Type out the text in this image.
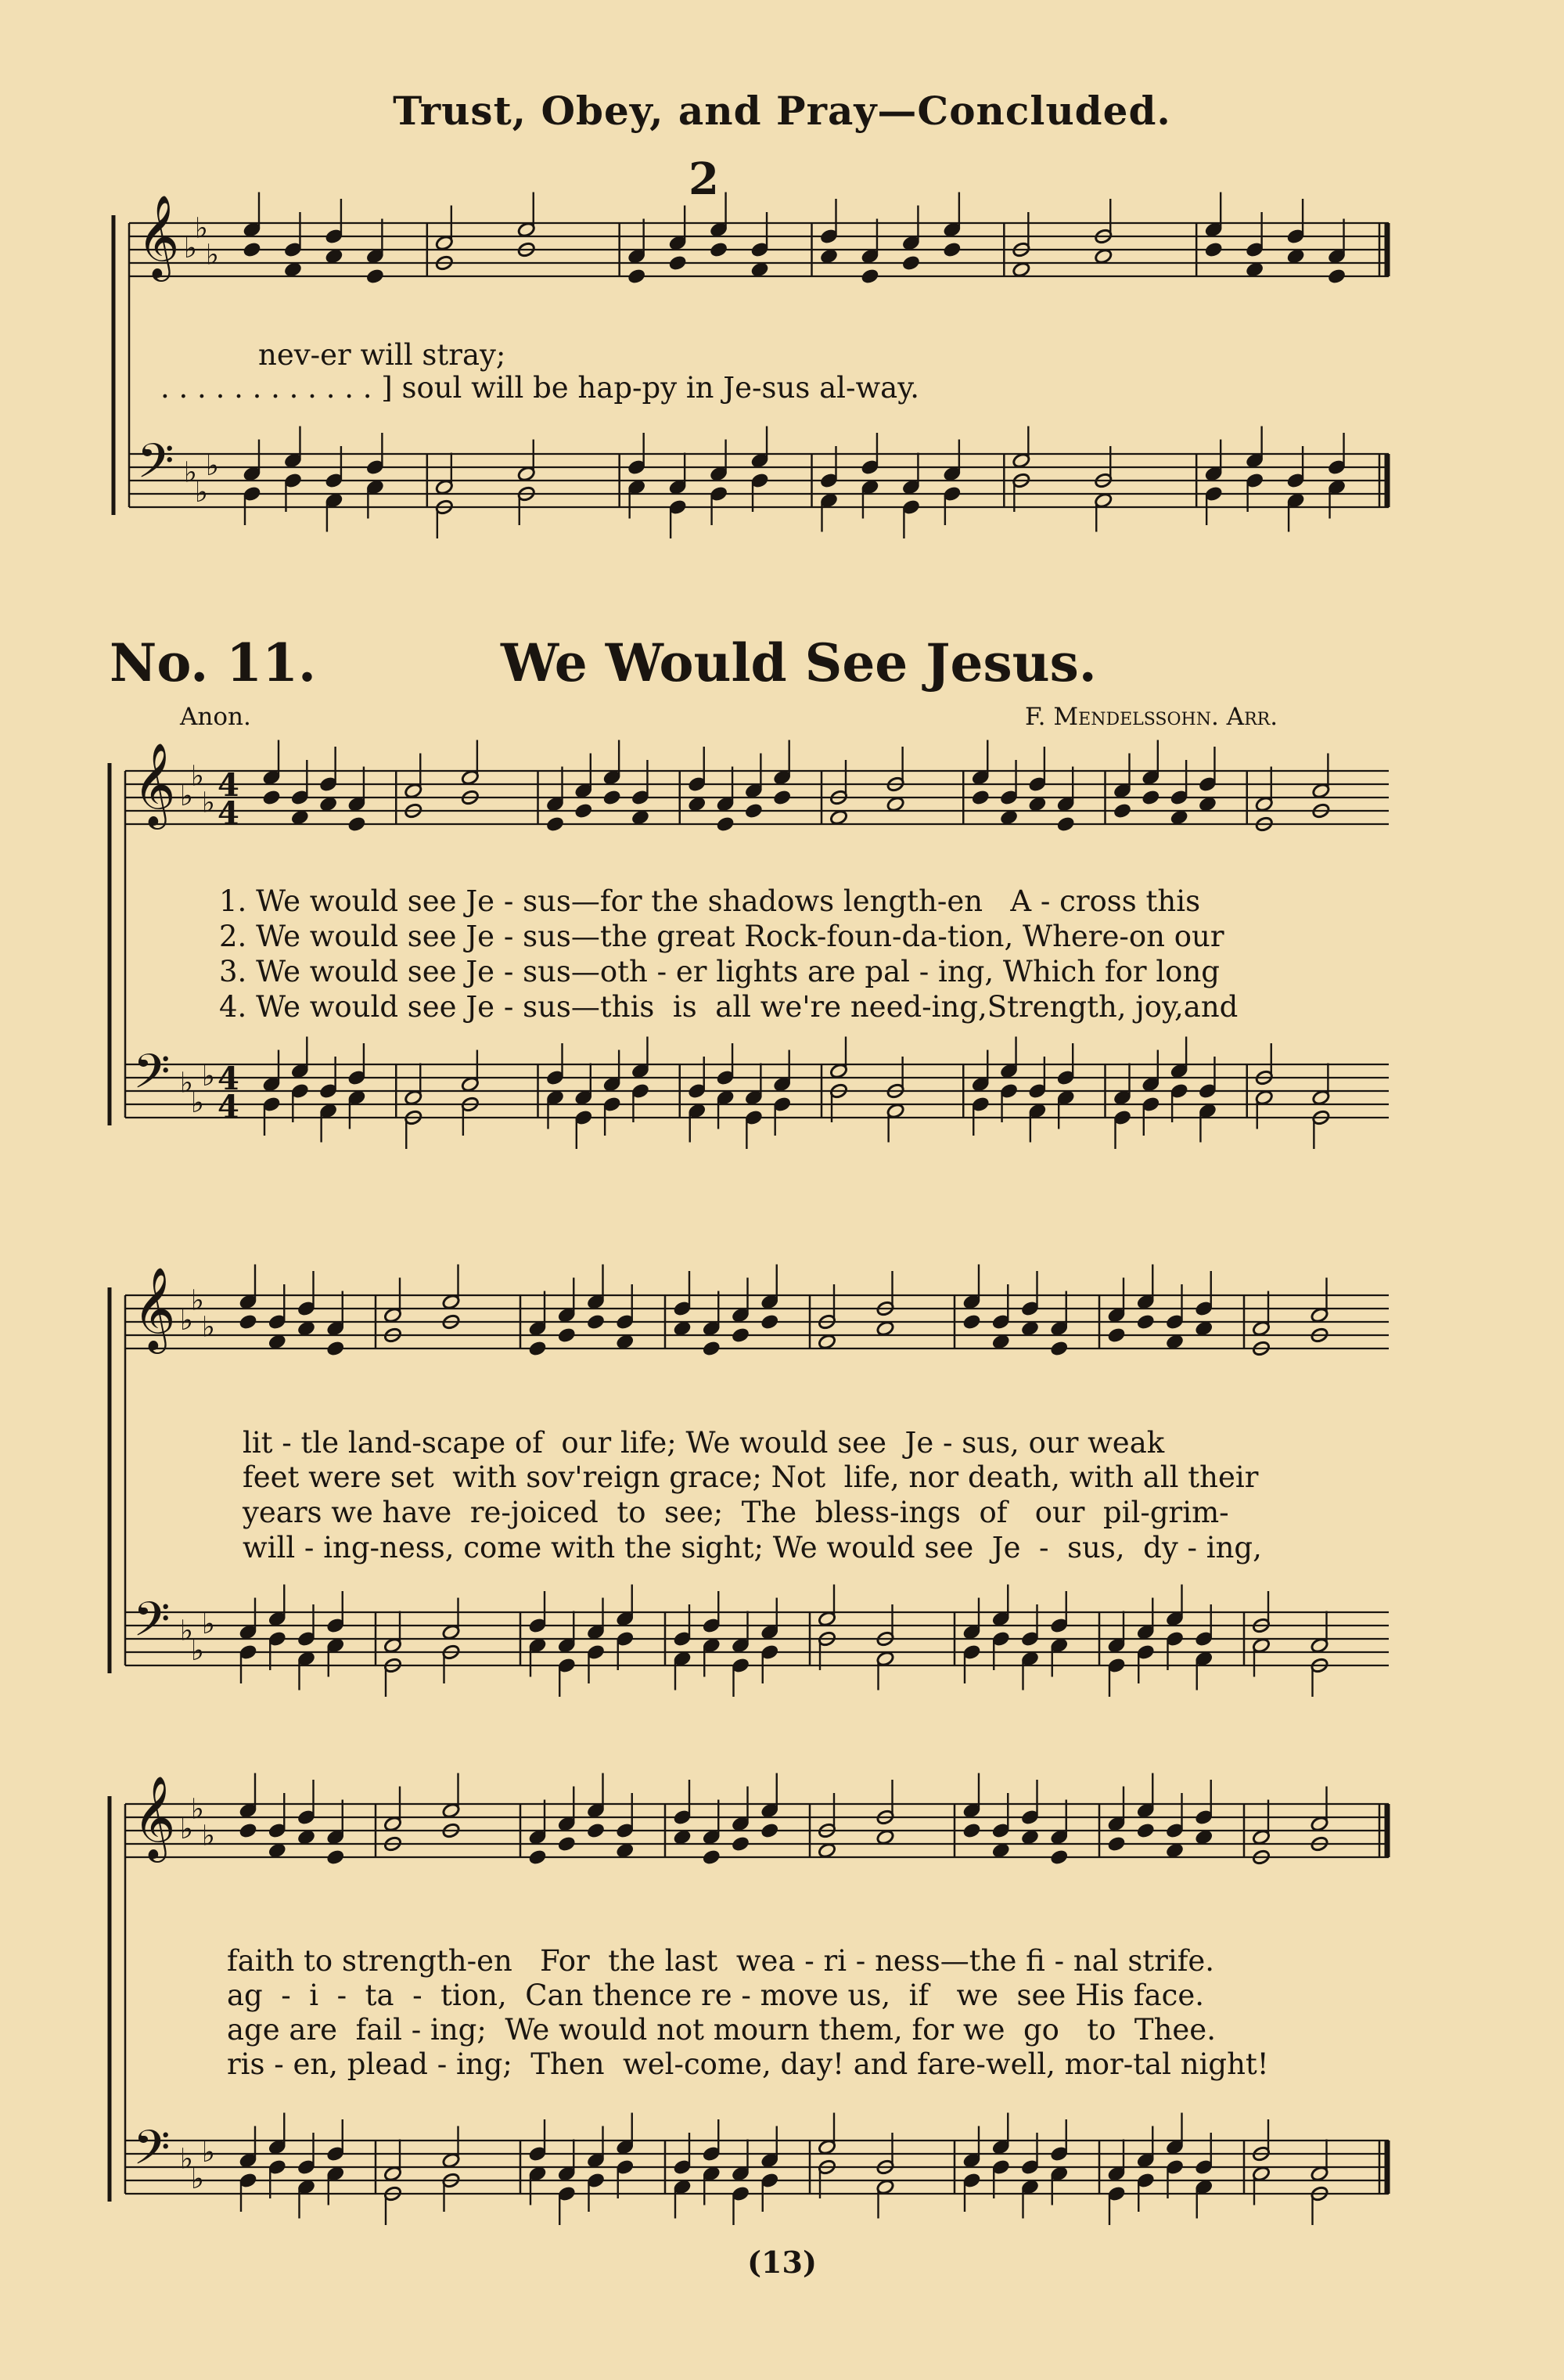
Trust, Obey, and Pray—Concluded.
𝄞
𝄢
♭
♭
♭
♭
♭
♭
𝄞
𝄢
♭
♭
♭
♭
♭
♭
4
4
4
4
𝄞
𝄢
♭
♭
♭
♭
♭
♭
𝄞
𝄢
♭
♭
♭
♭
♭
♭
2
nev-er will stray;
. . . . . . . . . . . . ] soul will be hap-py in Je-sus al-way.
No. 11.	We Would See Jesus.
Anon.	F. Mendelssohn. Arr.
1. We would see Je - sus—for the shadows length-en   A - cross this
2. We would see Je - sus—the great Rock-foun-da-tion, Where-on our
3. We would see Je - sus—oth - er lights are pal - ing, Which for long
4. We would see Je - sus—this  is  all we're need-ing,Strength, joy,and
lit - tle land-scape of  our life; We would see  Je - sus, our weak
feet were set  with sov'reign grace; Not  life, nor death, with all their
years we have  re-joiced  to  see;  The  bless-ings  of   our  pil-grim-
will - ing-ness, come with the sight; We would see  Je  -  sus,  dy - ing,
faith to strength-en   For  the last  wea - ri - ness—the fi - nal strife.
ag  -  i  -  ta  -  tion,  Can thence re - move us,  if   we  see His face.
age are  fail - ing;  We would not mourn them, for we  go   to  Thee.
ris - en, plead - ing;  Then  wel-come, day! and fare-well, mor-tal night!
(13)
